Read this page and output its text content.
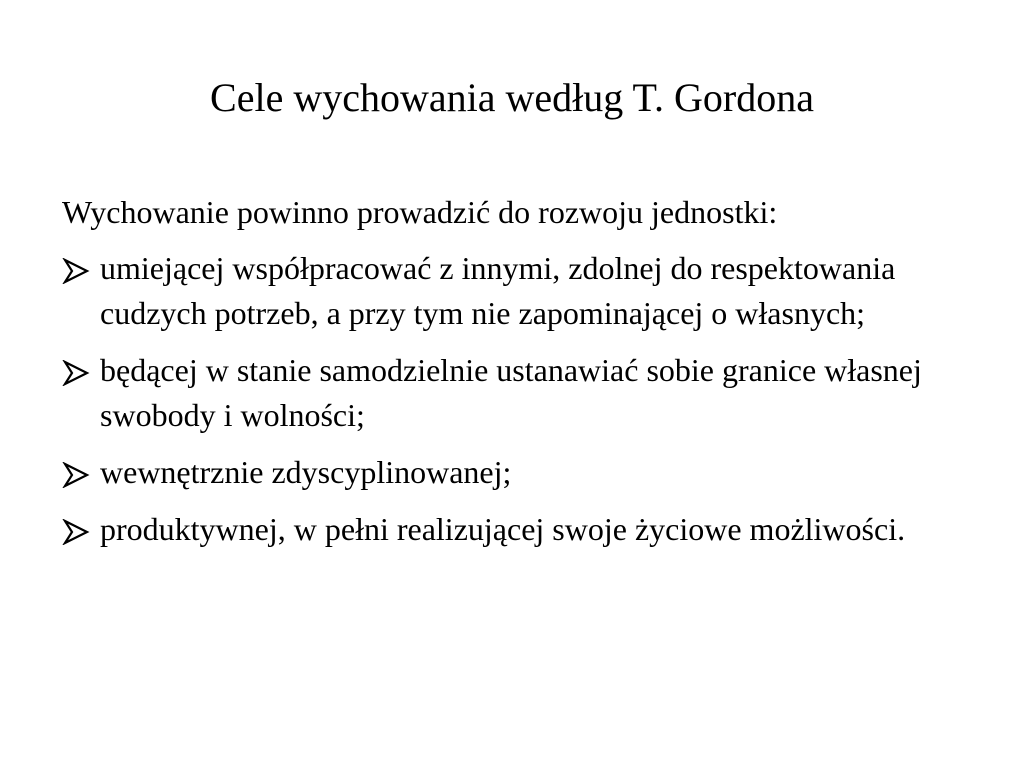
Cele wychowania według T. Gordona

Wychowanie powinno prowadzić do rozwoju jednostki:

umiejącej współpracować z innymi, zdolnej do respektowania cudzych potrzeb, a przy tym nie zapominającej o własnych;
będącej w stanie samodzielnie ustanawiać sobie granice własnej swobody i wolności;
wewnętrznie zdyscyplinowanej;
produktywnej, w pełni realizującej swoje życiowe możliwości.
